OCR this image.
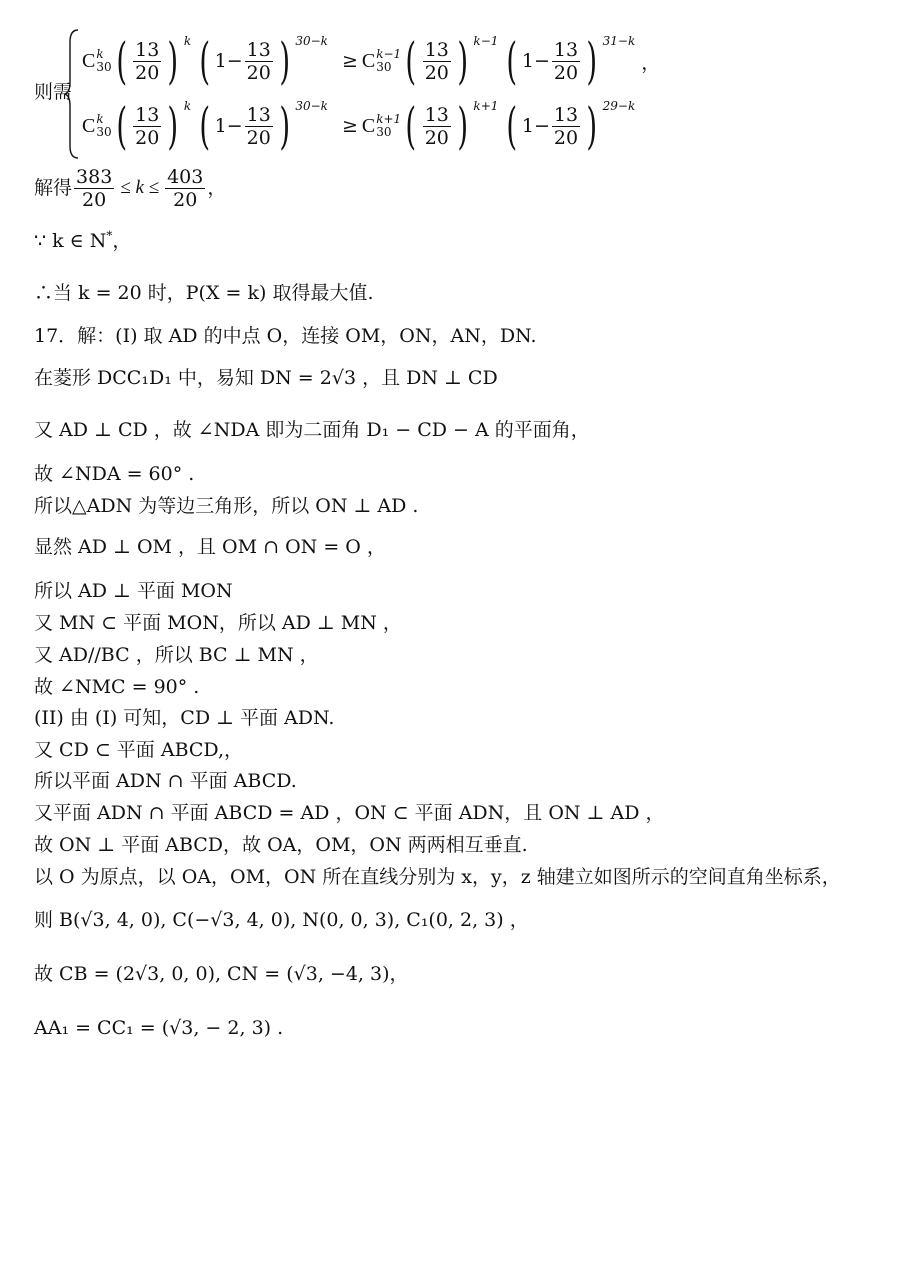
则需
C k
30 ( $\frac{13}{20}$ ) k ( $1- \frac{13}{20}$ ) 30−k
≥ C k−1
30 ( $\frac{13}{20}$ ) k−1 ( $1- \frac{13}{20}$ ) 31−k
，
C k
30 ( $\frac{13}{20}$ ) k ( $1- \frac{13}{20}$ ) 30−k
≥ C k+1
30 ( $\frac{13}{20}$ ) k+1 ( $1- \frac{13}{20}$ ) 29−k
解得 $\frac{383}{20} \le k \le \frac{403}{20}$ ，
∵ k ∈ N*，
∴当 k = 20 时，P(X = k) 取得最大值.
17．解：(I) 取 AD 的中点 O，连接 OM，ON，AN，DN.
在菱形 DCC₁D₁ 中，易知 DN = 2√3 ，且 DN ⊥ CD
又 AD ⊥ CD ，故 ∠NDA 即为二面角 D₁ − CD − A 的平面角，
故 ∠NDA = 60° .
所以△ADN 为等边三角形，所以 ON ⊥ AD .
显然 AD ⊥ OM ，且 OM ∩ ON = O ，
所以 AD ⊥ 平面 MON
又 MN ⊂ 平面 MON，所以 AD ⊥ MN ，
又 AD//BC ，所以 BC ⊥ MN ，
故 ∠NMC = 90° .
(II) 由 (I) 可知，CD ⊥ 平面 ADN.
又 CD ⊂ 平面 ABCD,，
所以平面 ADN ∩ 平面 ABCD.
又平面 ADN ∩ 平面 ABCD = AD ，ON ⊂ 平面 ADN，且 ON ⊥ AD ，
故 ON ⊥ 平面 ABCD，故 OA，OM，ON 两两相互垂直.
以 O 为原点，以 OA，OM，ON 所在直线分别为 x，y，z 轴建立如图所示的空间直角坐标系，
则 B(√3, 4, 0), C(−√3, 4, 0), N(0, 0, 3), C₁(0, 2, 3) ，
故 CB = (2√3, 0, 0), CN = (√3, −4, 3)，
AA₁ = CC₁ = (√3, − 2, 3) .
